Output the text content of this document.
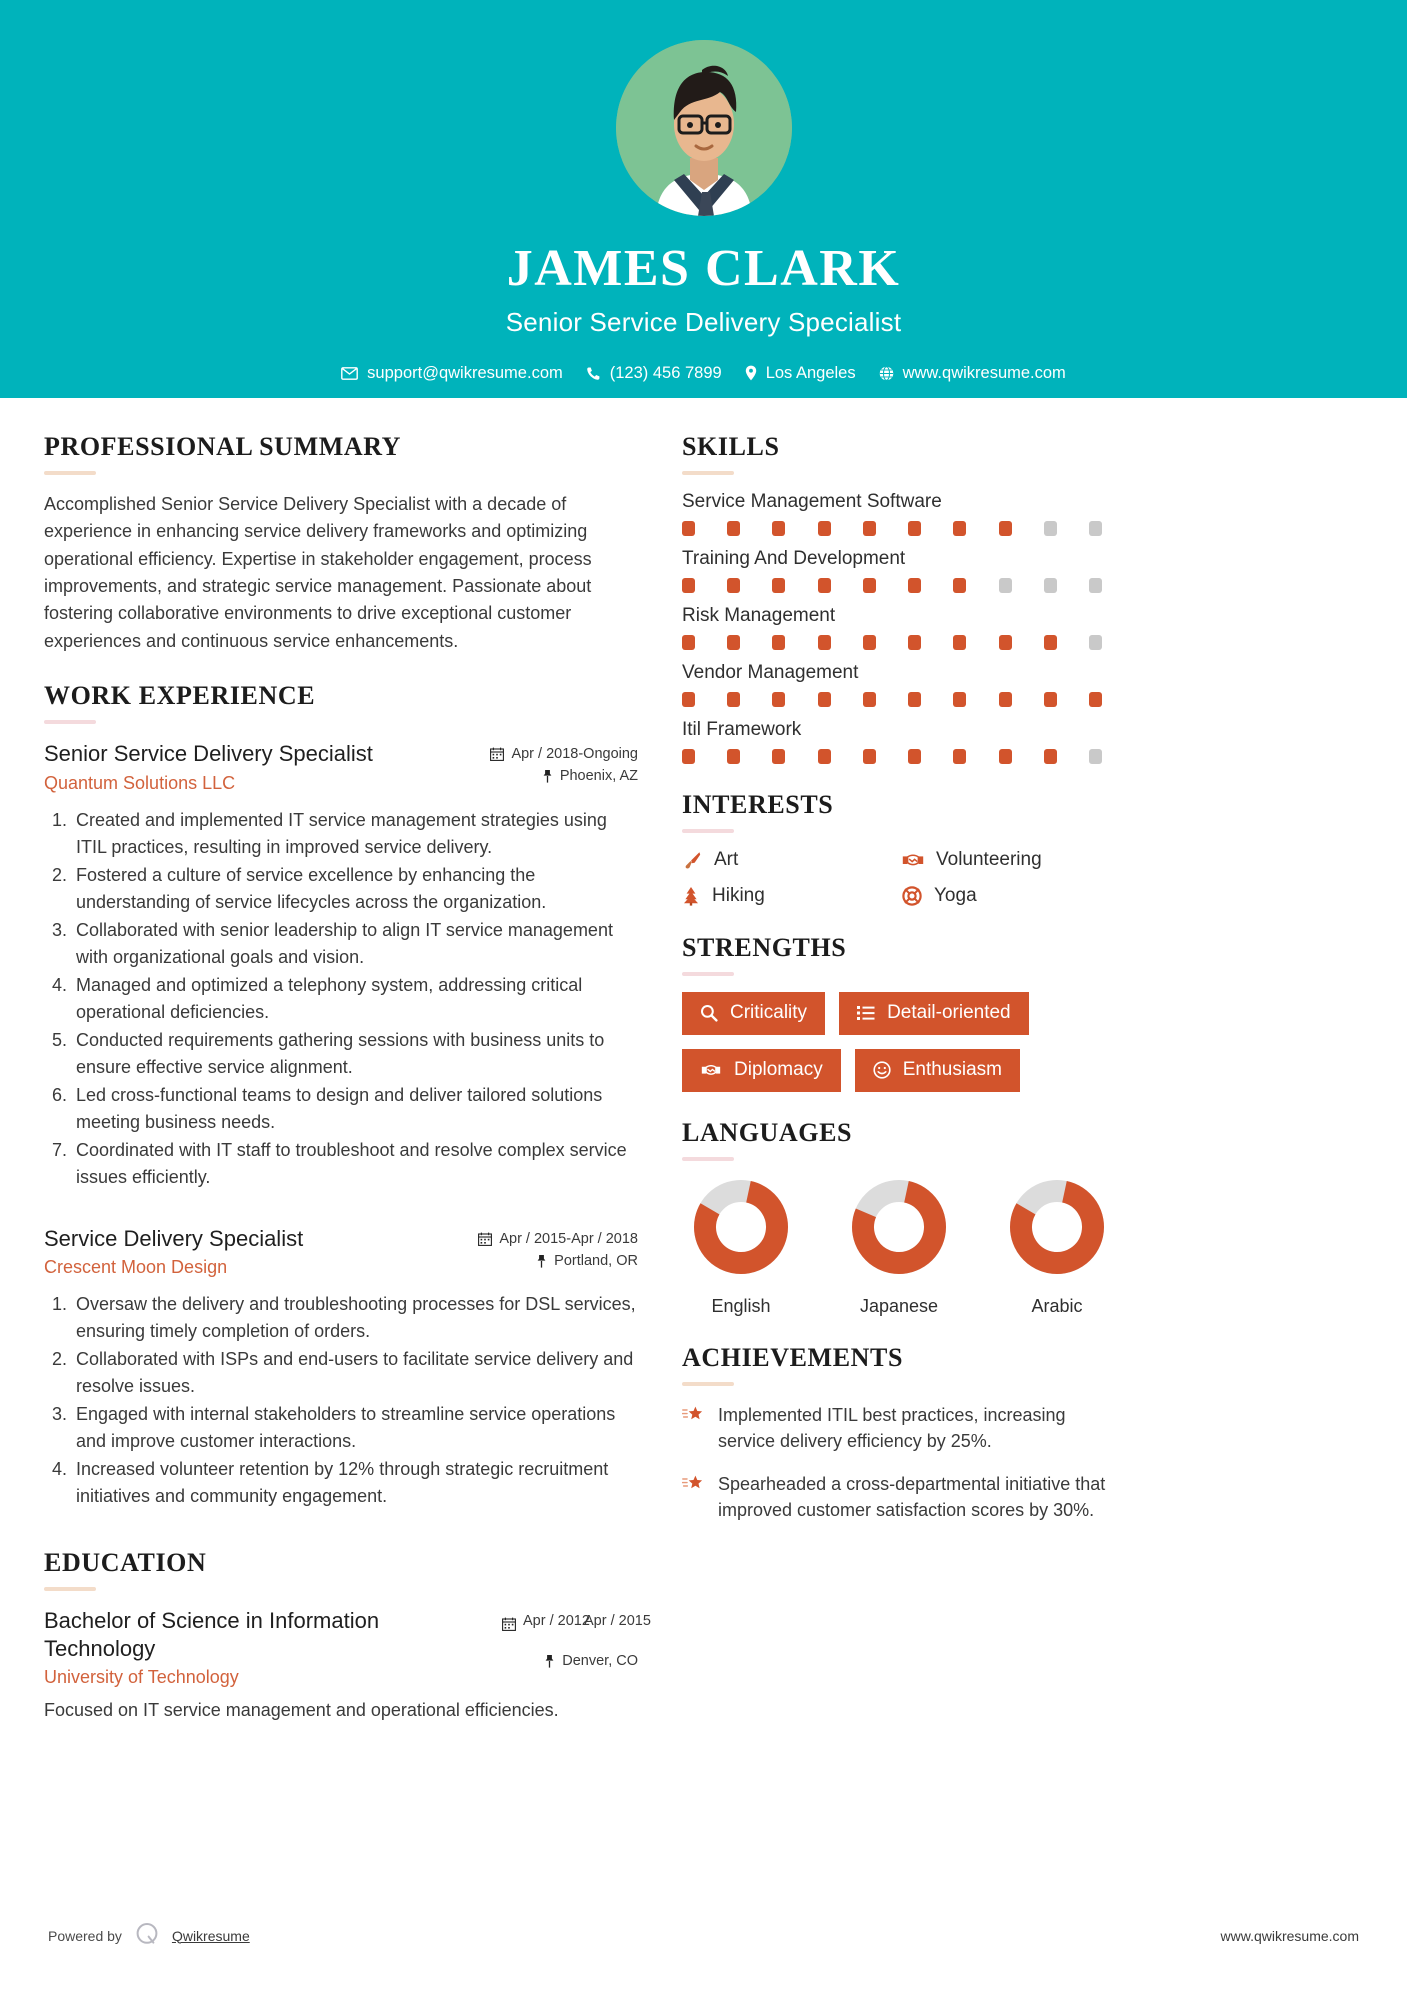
JAMES CLARK
Senior Service Delivery Specialist
support@qwikresume.com	(123) 456 7899	Los Angeles	www.qwikresume.com
PROFESSIONAL SUMMARY

Accomplished Senior Service Delivery Specialist with a decade of experience in enhancing service delivery frameworks and optimizing operational efficiency. Expertise in stakeholder engagement, process improvements, and strategic service management. Passionate about fostering collaborative environments to drive exceptional customer experiences and continuous service enhancements.

WORK EXPERIENCE
Senior Service Delivery Specialist
Quantum Solutions LLC
Apr / 2018-Ongoing
Phoenix, AZ
1. Created and implemented IT service management strategies using ITIL practices, resulting in improved service delivery.
2. Fostered a culture of service excellence by enhancing the understanding of service lifecycles across the organization.
3. Collaborated with senior leadership to align IT service management with organizational goals and vision.
4. Managed and optimized a telephony system, addressing critical operational deficiencies.
5. Conducted requirements gathering sessions with business units to ensure effective service alignment.
6. Led cross-functional teams to design and deliver tailored solutions meeting business needs.
7. Coordinated with IT staff to troubleshoot and resolve complex service issues efficiently.
Service Delivery Specialist
Crescent Moon Design
Apr / 2015-Apr / 2018
Portland, OR
1. Oversaw the delivery and troubleshooting processes for DSL services, ensuring timely completion of orders.
2. Collaborated with ISPs and end-users to facilitate service delivery and resolve issues.
3. Engaged with internal stakeholders to streamline service operations and improve customer interactions.
4. Increased volunteer retention by 12% through strategic recruitment initiatives and community engagement.
EDUCATION
Bachelor of Science in Information Technology
University of Technology
Apr / 2012
Apr / 2015
Denver, CO
Focused on IT service management and operational efficiencies.
SKILLS
Service Management Software
Training And Development
Risk Management
Vendor Management
Itil Framework
INTERESTS
Art	Volunteering
Hiking	Yoga
STRENGTHS
Criticality	Detail-oriented
Diplomacy	Enthusiasm
LANGUAGES
English	Japanese	Arabic
ACHIEVEMENTS
Implemented ITIL best practices, increasing service delivery efficiency by 25%.
Spearheaded a cross-departmental initiative that improved customer satisfaction scores by 30%.
Powered by	Qwikresume	www.qwikresume.com
